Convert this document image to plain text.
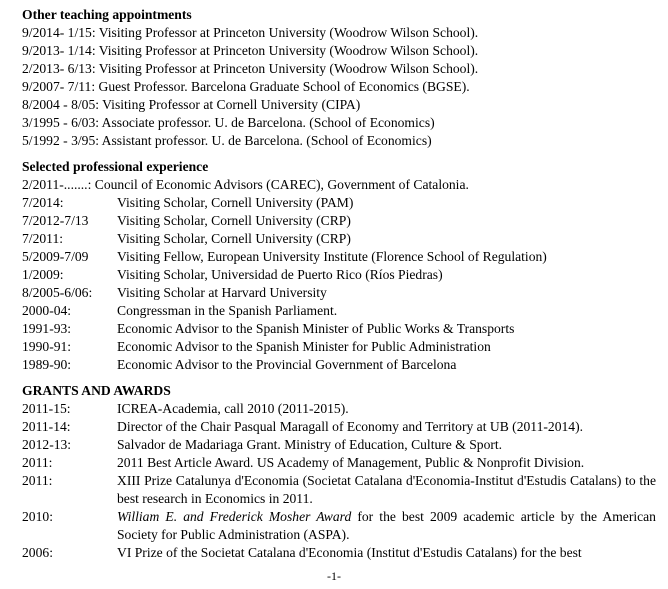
Other teaching appointments
9/2014- 1/15: Visiting Professor at Princeton University (Woodrow Wilson School).
9/2013- 1/14: Visiting Professor at Princeton University (Woodrow Wilson School).
2/2013- 6/13: Visiting Professor at Princeton University (Woodrow Wilson School).
9/2007- 7/11: Guest Professor. Barcelona Graduate School of Economics (BGSE).
8/2004 - 8/05: Visiting Professor at Cornell University (CIPA)
3/1995 - 6/03: Associate professor. U. de Barcelona. (School of Economics)
5/1992 - 3/95: Assistant professor. U. de Barcelona. (School of Economics)
Selected professional experience
2/2011-.......: Council of Economic Advisors (CAREC), Government of Catalonia.
7/2014:	Visiting Scholar, Cornell University (PAM)
7/2012-7/13	Visiting Scholar, Cornell University (CRP)
7/2011:	Visiting Scholar, Cornell University (CRP)
5/2009-7/09	Visiting Fellow, European University Institute (Florence School of Regulation)
1/2009:	Visiting Scholar, Universidad de Puerto Rico (Ríos Piedras)
8/2005-6/06:	Visiting Scholar at Harvard University
2000-04:	Congressman in the Spanish Parliament.
1991-93:	Economic Advisor to the Spanish Minister of Public Works & Transports
1990-91:	Economic Advisor to the Spanish Minister for Public Administration
1989-90:	Economic Advisor to the Provincial Government of Barcelona
GRANTS AND AWARDS
2011-15:	ICREA-Academia, call 2010 (2011-2015).
2011-14:	Director of the Chair Pasqual Maragall of Economy and Territory at UB (2011-2014).
2012-13:	Salvador de Madariaga Grant. Ministry of Education, Culture & Sport.
2011:	2011 Best Article Award. US Academy of Management, Public & Nonprofit Division.
2011:	XIII Prize Catalunya d'Economia (Societat Catalana d'Economia-Institut d'Estudis Catalans) to the best research in Economics in 2011.
2010:	William E. and Frederick Mosher Award for the best 2009 academic article by the American Society for Public Administration (ASPA).
2006:	VI Prize of the Societat Catalana d'Economia (Institut d'Estudis Catalans) for the best
-1-
